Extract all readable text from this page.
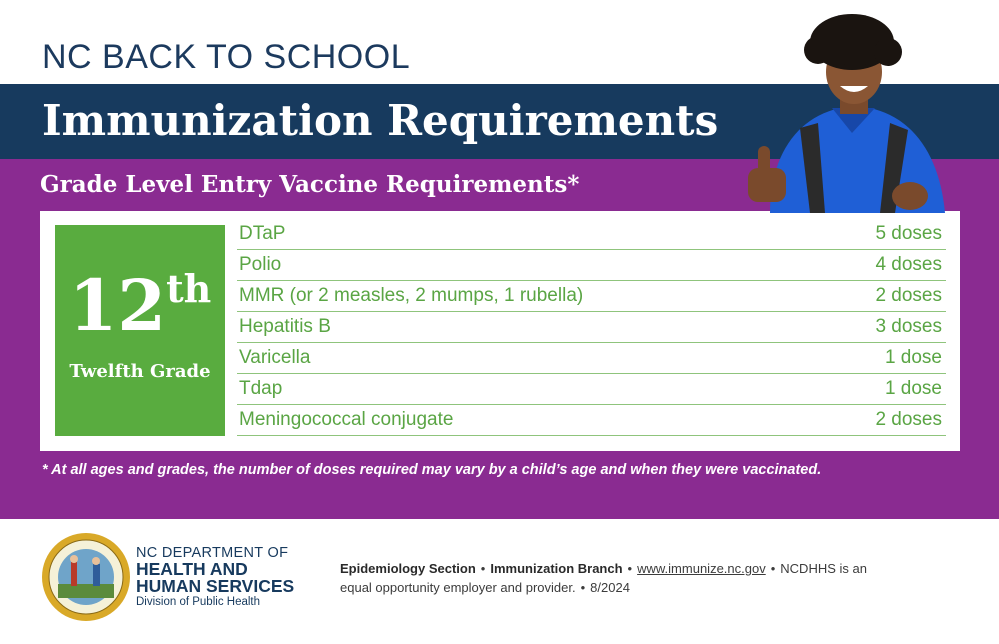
NC BACK TO SCHOOL
Immunization Requirements
Grade Level Entry Vaccine Requirements*
12th
Twelfth Grade
DTaP	5 doses
Polio	4 doses
MMR (or 2 measles, 2 mumps, 1 rubella)	2 doses
Hepatitis B	3 doses
Varicella	1 dose
Tdap	1 dose
Meningococcal conjugate	2 doses
* At all ages and grades, the number of doses required may vary by a child’s age and when they were vaccinated.
NC DEPARTMENT OF
HEALTH AND
HUMAN SERVICES
Division of Public Health
Epidemiology Section • Immunization Branch • www.immunize.nc.gov • NCDHHS is an
equal opportunity employer and provider. • 8/2024
